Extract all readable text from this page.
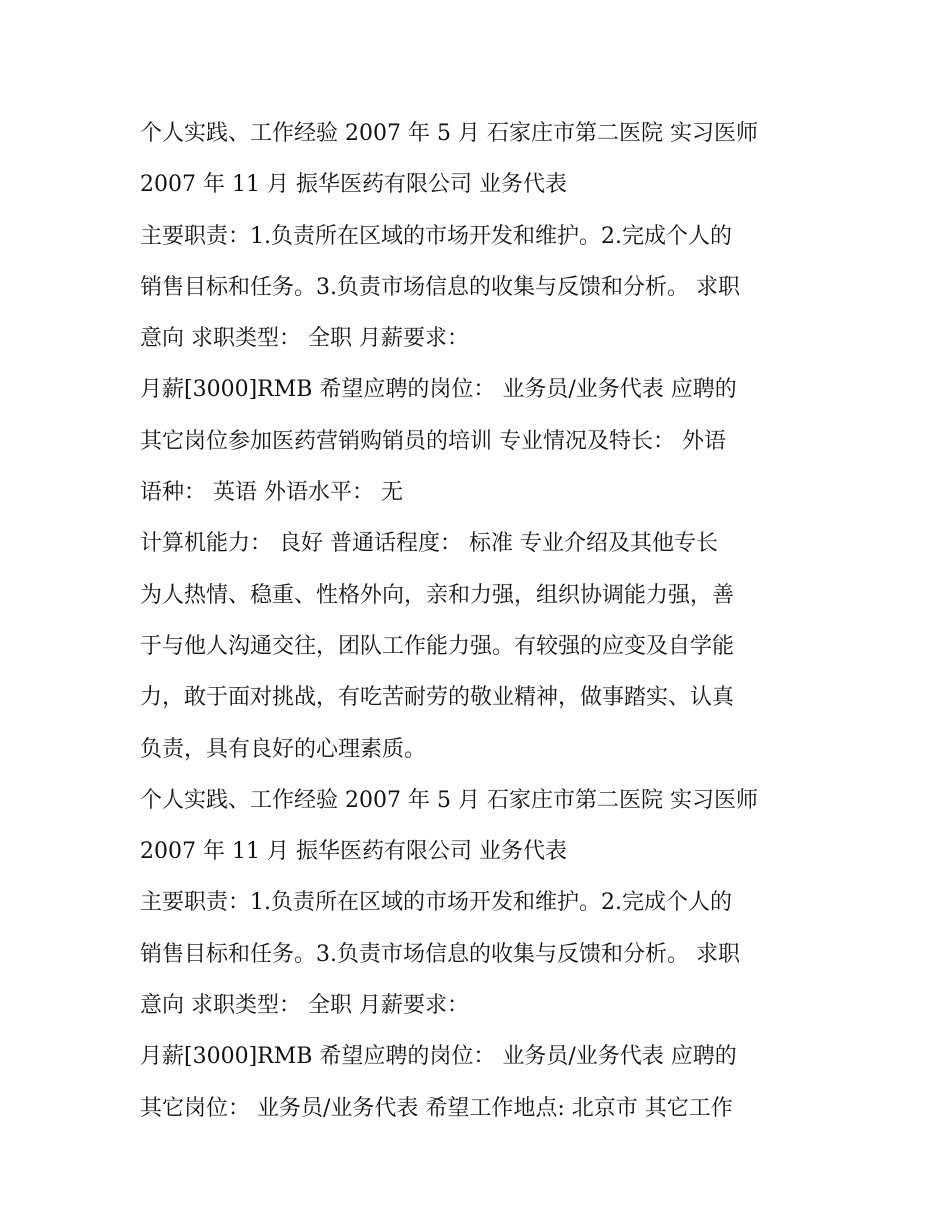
个人实践、工作经验 2007 年 5 月 石家庄市第二医院 实习医师
2007 年 11 月 振华医药有限公司 业务代表
主要职责：1.负责所在区域的市场开发和维护。2.完成个人的
销售目标和任务。3.负责市场信息的收集与反馈和分析。 求职
意向 求职类型： 全职 月薪要求：
月薪[3000]RMB 希望应聘的岗位： 业务员/业务代表 应聘的
其它岗位参加医药营销购销员的培训 专业情况及特长： 外语
语种： 英语 外语水平： 无
计算机能力： 良好 普通话程度： 标准 专业介绍及其他专长
为人热情、稳重、性格外向，亲和力强，组织协调能力强，善
于与他人沟通交往，团队工作能力强。有较强的应变及自学能
力，敢于面对挑战，有吃苦耐劳的敬业精神，做事踏实、认真
负责，具有良好的心理素质。
个人实践、工作经验 2007 年 5 月 石家庄市第二医院 实习医师
2007 年 11 月 振华医药有限公司 业务代表
主要职责：1.负责所在区域的市场开发和维护。2.完成个人的
销售目标和任务。3.负责市场信息的收集与反馈和分析。 求职
意向 求职类型： 全职 月薪要求：
月薪[3000]RMB 希望应聘的岗位： 业务员/业务代表 应聘的
其它岗位： 业务员/业务代表 希望工作地点: 北京市 其它工作
